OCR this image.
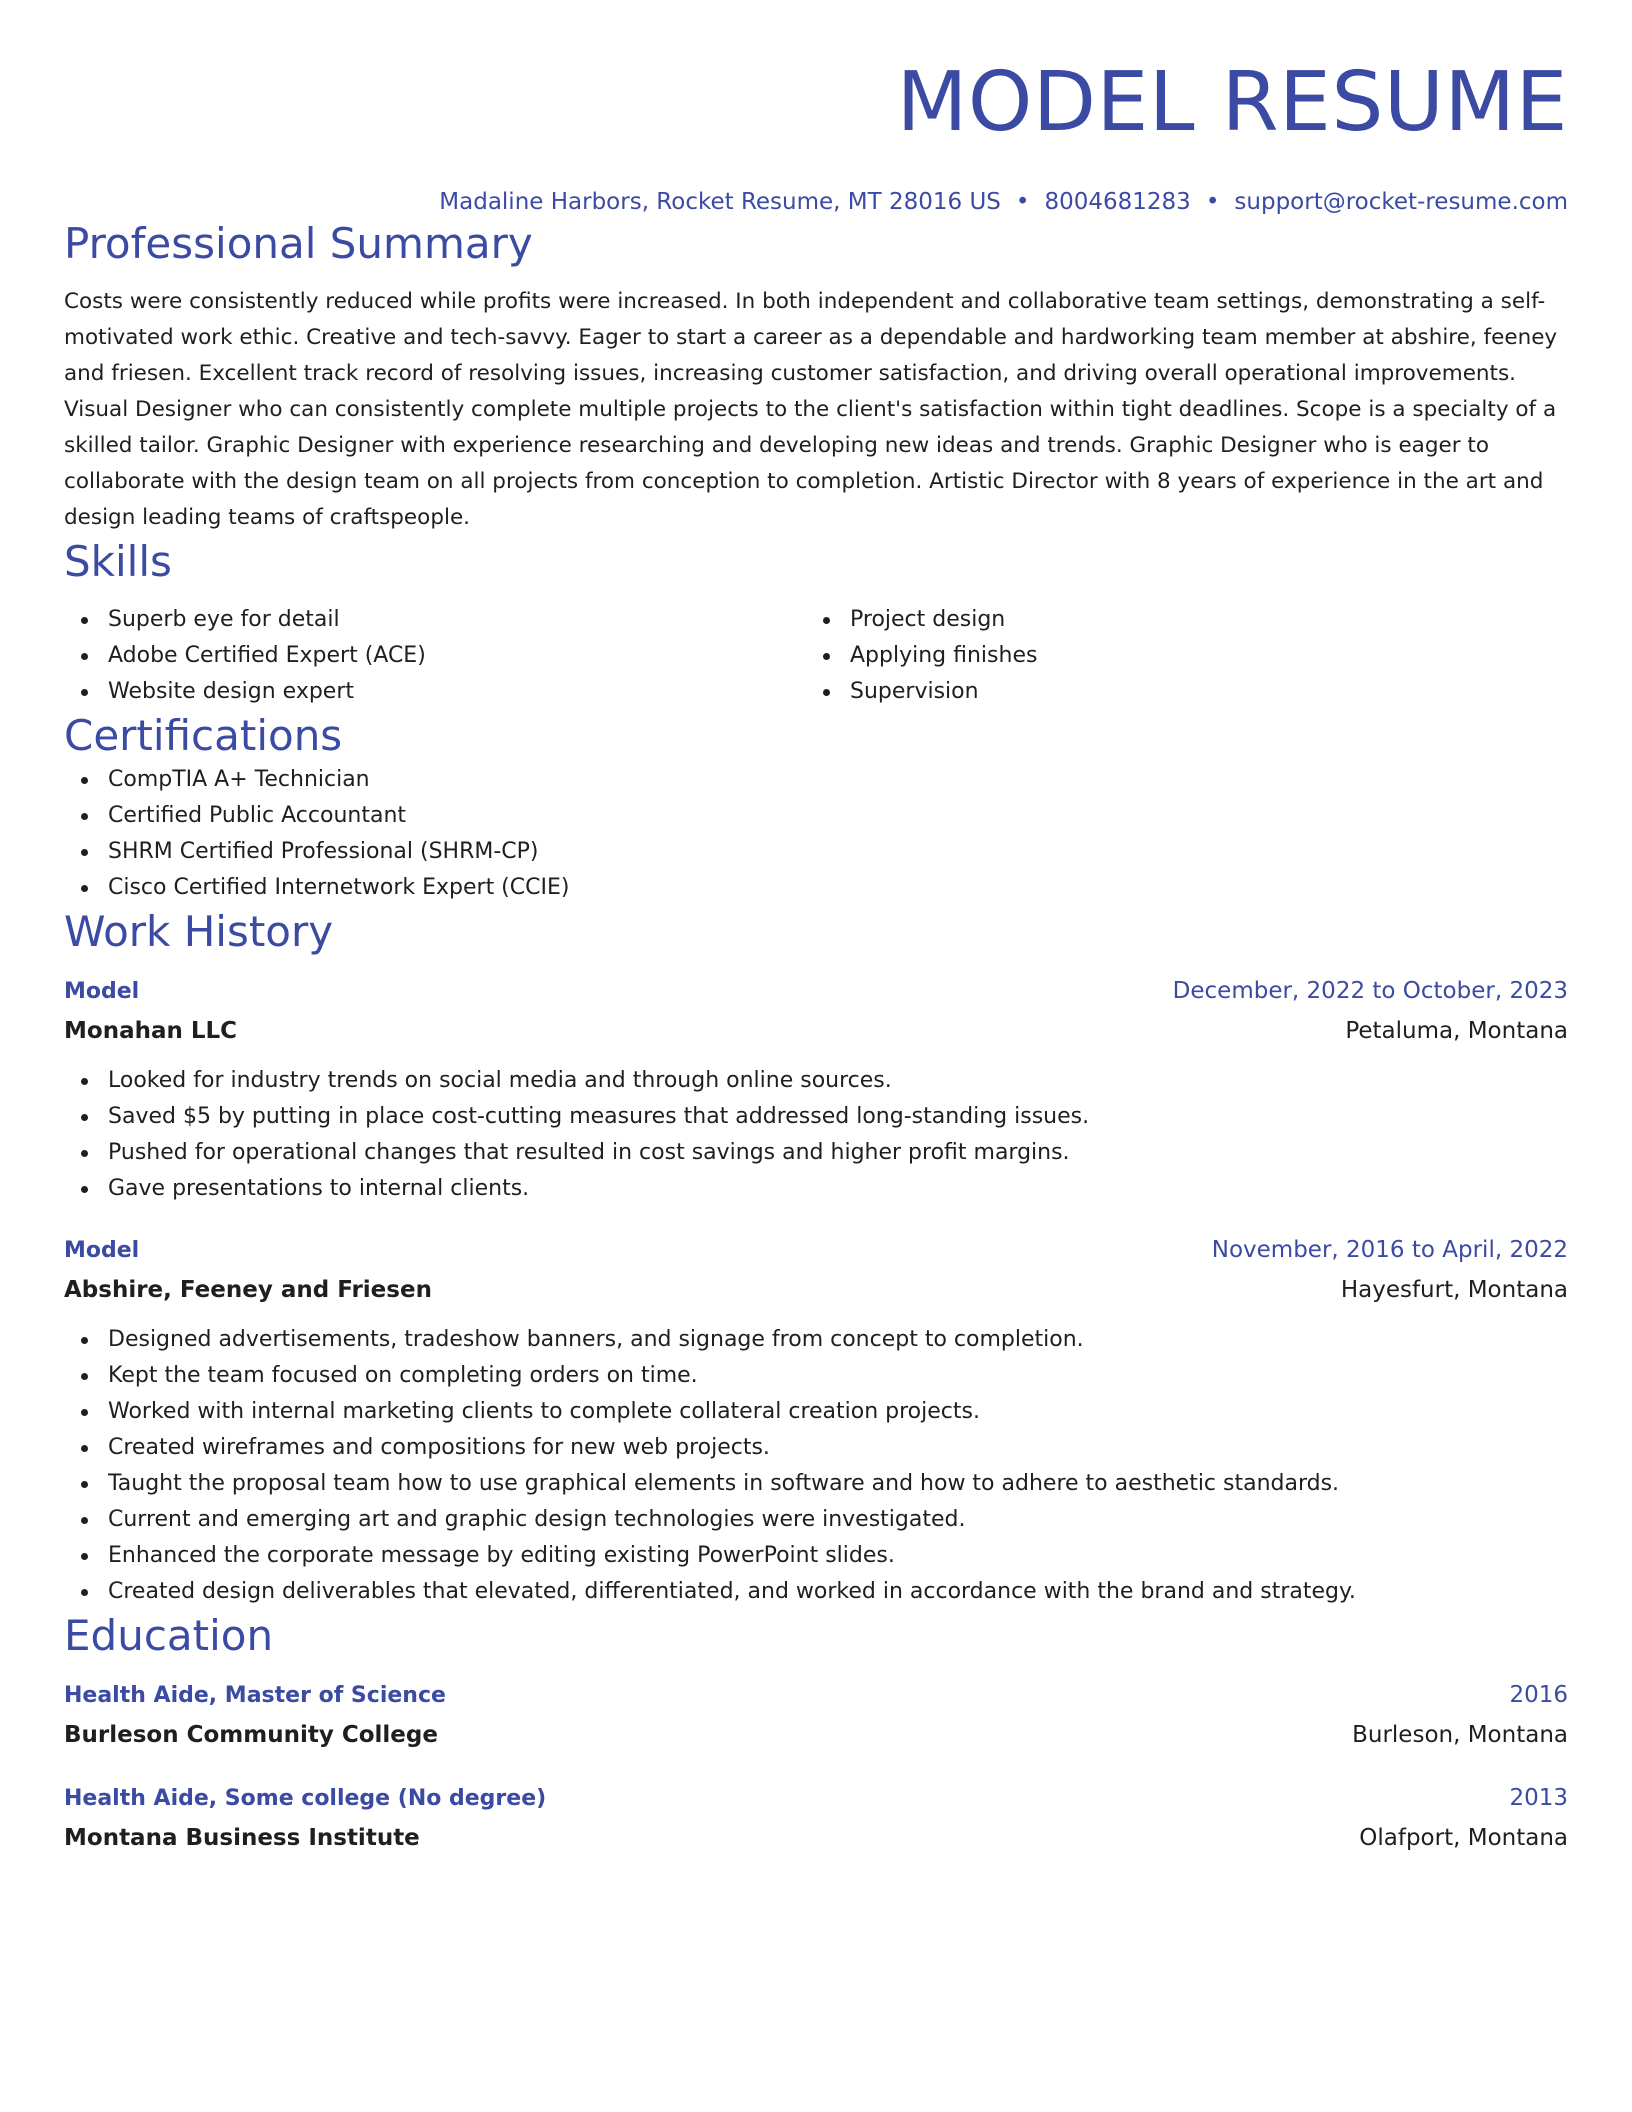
MODEL RESUME
Madaline Harbors, Rocket Resume, MT 28016 US • 8004681283 • support@rocket-resume.com
Professional Summary
Costs were consistently reduced while profits were increased. In both independent and collaborative team settings, demonstrating a self-motivated work ethic. Creative and tech-savvy. Eager to start a career as a dependable and hardworking team member at abshire, feeney and friesen. Excellent track record of resolving issues, increasing customer satisfaction, and driving overall operational improvements. Visual Designer who can consistently complete multiple projects to the client's satisfaction within tight deadlines. Scope is a specialty of a skilled tailor. Graphic Designer with experience researching and developing new ideas and trends. Graphic Designer who is eager to collaborate with the design team on all projects from conception to completion. Artistic Director with 8 years of experience in the art and design leading teams of craftspeople.
Skills
Superb eye for detail
Adobe Certified Expert (ACE)
Website design expert
Project design
Applying finishes
Supervision
Certifications
CompTIA A+ Technician
Certified Public Accountant
SHRM Certified Professional (SHRM-CP)
Cisco Certified Internetwork Expert (CCIE)
Work History
Model	December, 2022 to October, 2023
Monahan LLC	Petaluma, Montana
Looked for industry trends on social media and through online sources.
Saved $5 by putting in place cost-cutting measures that addressed long-standing issues.
Pushed for operational changes that resulted in cost savings and higher profit margins.
Gave presentations to internal clients.
Model	November, 2016 to April, 2022
Abshire, Feeney and Friesen	Hayesfurt, Montana
Designed advertisements, tradeshow banners, and signage from concept to completion.
Kept the team focused on completing orders on time.
Worked with internal marketing clients to complete collateral creation projects.
Created wireframes and compositions for new web projects.
Taught the proposal team how to use graphical elements in software and how to adhere to aesthetic standards.
Current and emerging art and graphic design technologies were investigated.
Enhanced the corporate message by editing existing PowerPoint slides.
Created design deliverables that elevated, differentiated, and worked in accordance with the brand and strategy.
Education
Health Aide, Master of Science	2016
Burleson Community College	Burleson, Montana
Health Aide, Some college (No degree)	2013
Montana Business Institute	Olafport, Montana
